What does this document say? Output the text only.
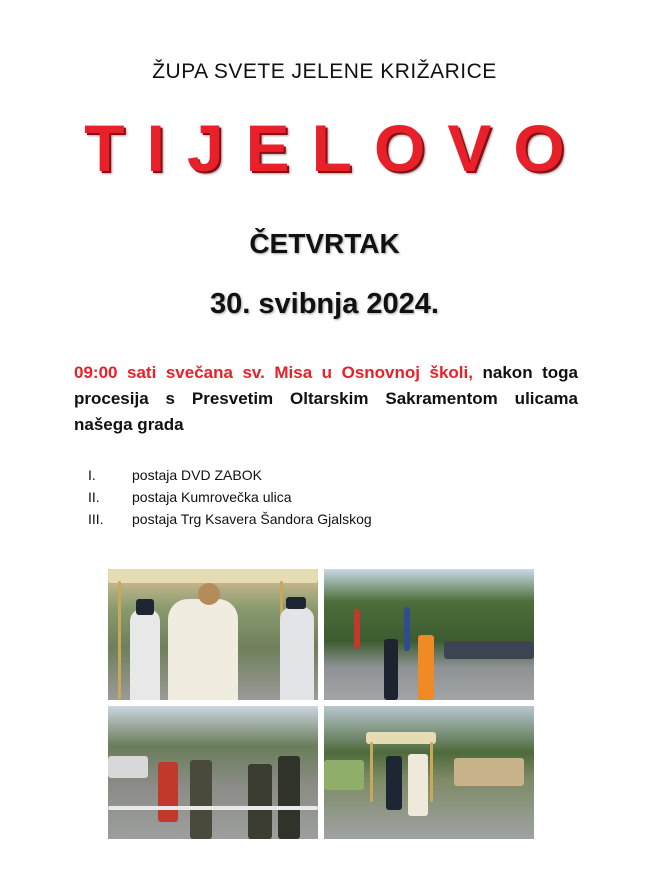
ŽUPA SVETE JELENE KRIŽARICE
TIJELOVO
ČETVRTAK
30. svibnja 2024.
09:00 sati svečana sv. Misa u Osnovnoj školi, nakon toga procesija s Presvetim Oltarskim Sakramentom ulicama našega grada
I.	postaja DVD ZABOK
II.	postaja Kumrovečka ulica
III.	postaja Trg Ksavera Šandora Gjalskog
